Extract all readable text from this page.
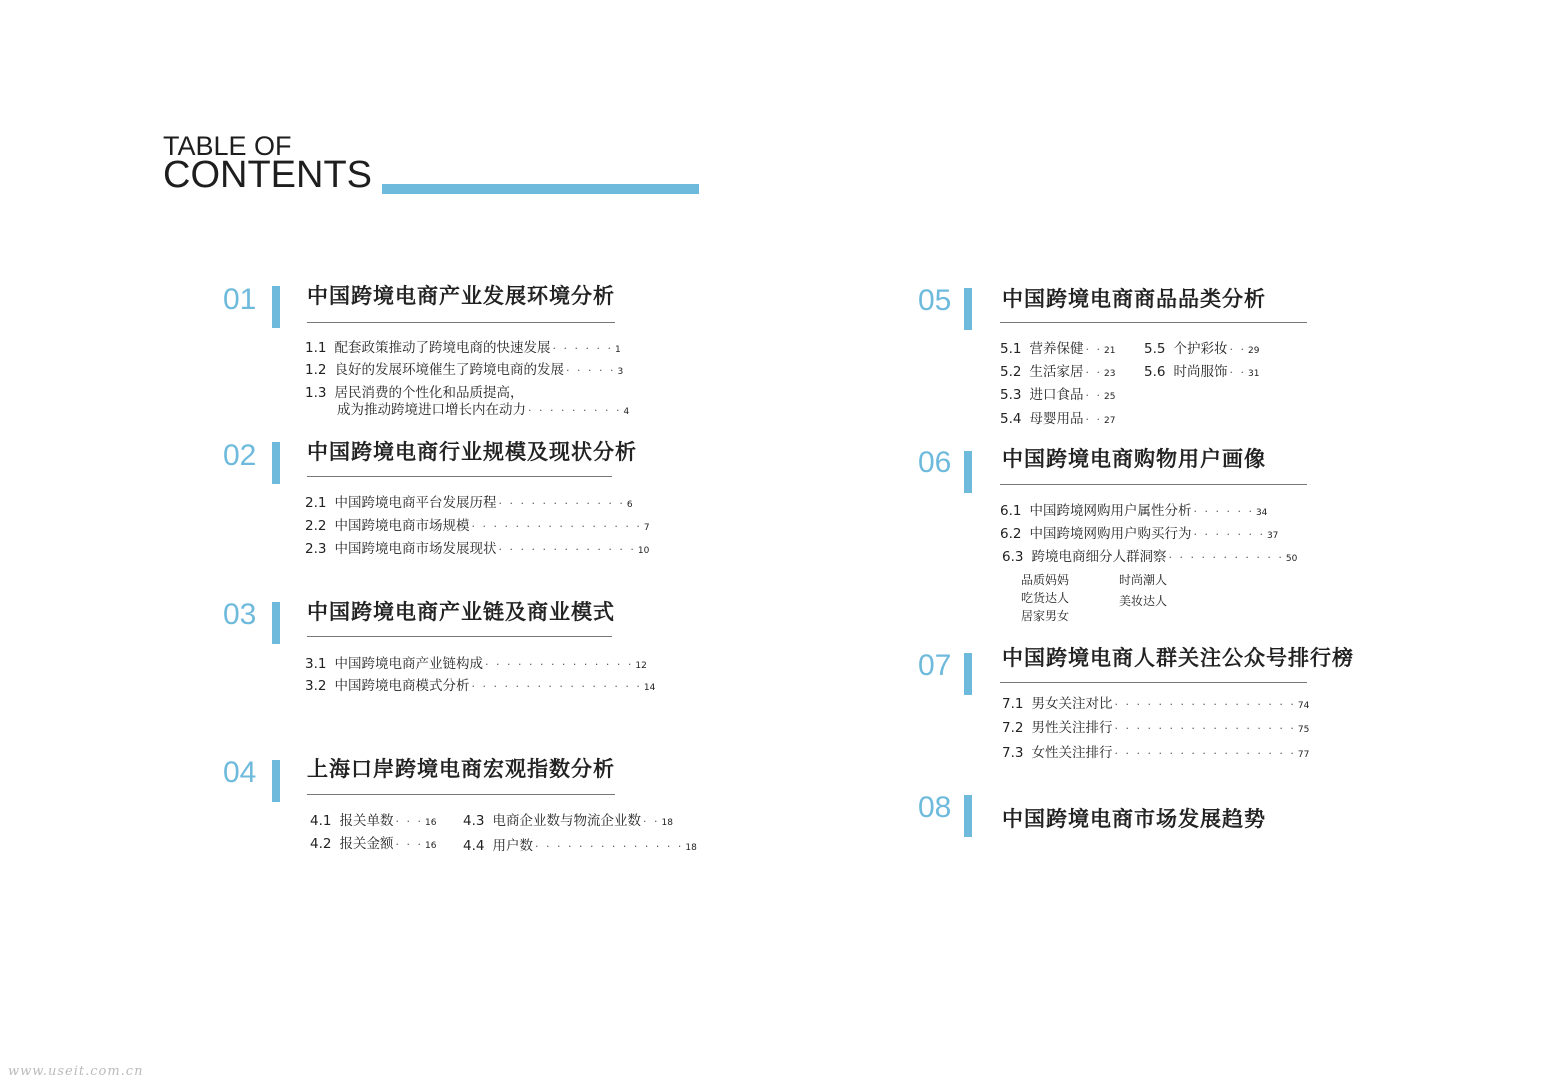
TABLE OF
CONTENTS
01 中国跨境电商产业发展环境分析
1.1 配套政策推动了跨境电商的快速发展 · · · · · · 1
1.2 良好的发展环境催生了跨境电商的发展 · · · · · 3
1.3 居民消费的个性化和品质提高，
成为推动跨境进口增长内在动力 · · · · · · · · · 4
02 中国跨境电商行业规模及现状分析
2.1 中国跨境电商平台发展历程 · · · · · · · · · · · · 6
2.2 中国跨境电商市场规模 · · · · · · · · · · · · · · · · 7
2.3 中国跨境电商市场发展现状 · · · · · · · · · · · · · 10
03 中国跨境电商产业链及商业模式
3.1 中国跨境电商产业链构成 · · · · · · · · · · · · · · 12
3.2 中国跨境电商模式分析 · · · · · · · · · · · · · · · · 14
04 上海口岸跨境电商宏观指数分析
4.1 报关单数 · · · 16
4.2 报关金额 · · · 16
4.3 电商企业数与物流企业数 · · 18
4.4 用户数 · · · · · · · · · · · · · · 18
05 中国跨境电商商品品类分析
5.1 营养保健 · · 21
5.2 生活家居 · · 23
5.3 进口食品 · · 25
5.4 母婴用品 · · 27
5.5 个护彩妆 · · 29
5.6 时尚服饰 · · 31
06 中国跨境电商购物用户画像
6.1 中国跨境网购用户属性分析 · · · · · · 34
6.2 中国跨境网购用户购买行为 · · · · · · · 37
6.3 跨境电商细分人群洞察 · · · · · · · · · · · 50
品质妈妈
吃货达人
居家男女
时尚潮人
美妆达人
07 中国跨境电商人群关注公众号排行榜
7.1 男女关注对比 · · · · · · · · · · · · · · · · · 74
7.2 男性关注排行 · · · · · · · · · · · · · · · · · 75
7.3 女性关注排行 · · · · · · · · · · · · · · · · · 77
08 中国跨境电商市场发展趋势
www.useit.com.cn
